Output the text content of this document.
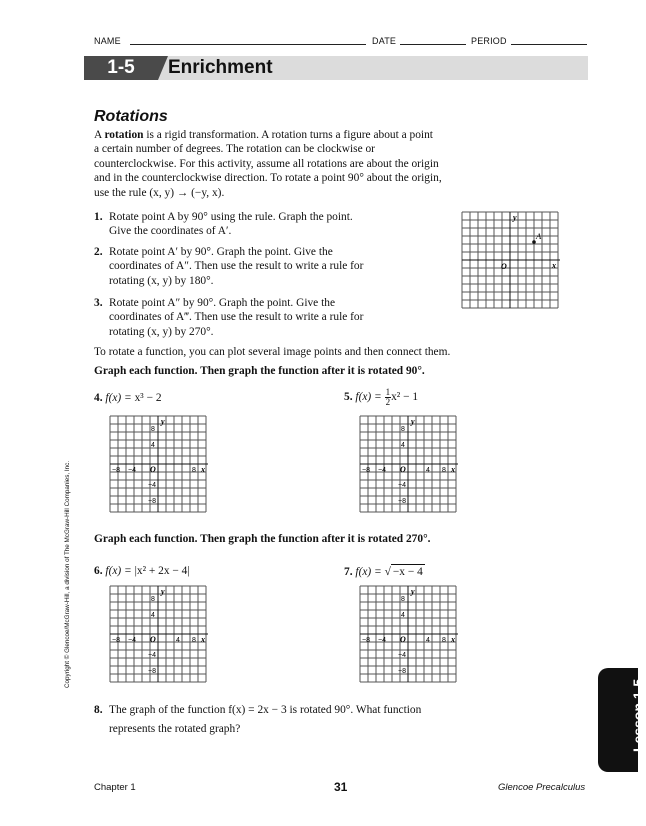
NAME	DATE	PERIOD
1-5	Enrichment
Rotations
A rotation is a rigid transformation. A rotation turns a figure about a point
a certain number of degrees. The rotation can be clockwise or
counterclockwise. For this activity, assume all rotations are about the origin
and in the counterclockwise direction. To rotate a point 90° about the origin,
use the rule (x, y) → (−y, x).
1. Rotate point A by 90° using the rule. Graph the point.
Give the coordinates of A′.
2. Rotate point A′ by 90°. Graph the point. Give the
coordinates of A″. Then use the result to write a rule for
rotating (x, y) by 180°.
3. Rotate point A″ by 90°. Graph the point. Give the
coordinates of A‴. Then use the result to write a rule for
rotating (x, y) by 270°.
y
x
O
A
To rotate a function, you can plot several image points and then connect them.
Graph each function. Then graph the function after it is rotated 90°.
4. f(x) = x³ − 2	5. $f(x) = \frac{1}{2} x^2 - 1$
y
x
O
8
4
−4
−8
−8 −4	8
y
x
O
8
4
−4
−8
−8 −4	4 8
Graph each function. Then graph the function after it is rotated 270°.
6. f(x) = |x² + 2x − 4|	7. f(x) = √ −x − 4
y
x
O
8
4
−4
−8
−8 −4	4 8
y
x
O
8
4
−4
−8
−8 −4	4 8
8. The graph of the function f(x) = 2x − 3 is rotated 90°. What function
represents the rotated graph?
Copyright © Glencoe/McGraw-Hill, a division of The McGraw-Hill Companies, Inc.
Lesson 1-5
Chapter 1	31	Glencoe Precalculus
